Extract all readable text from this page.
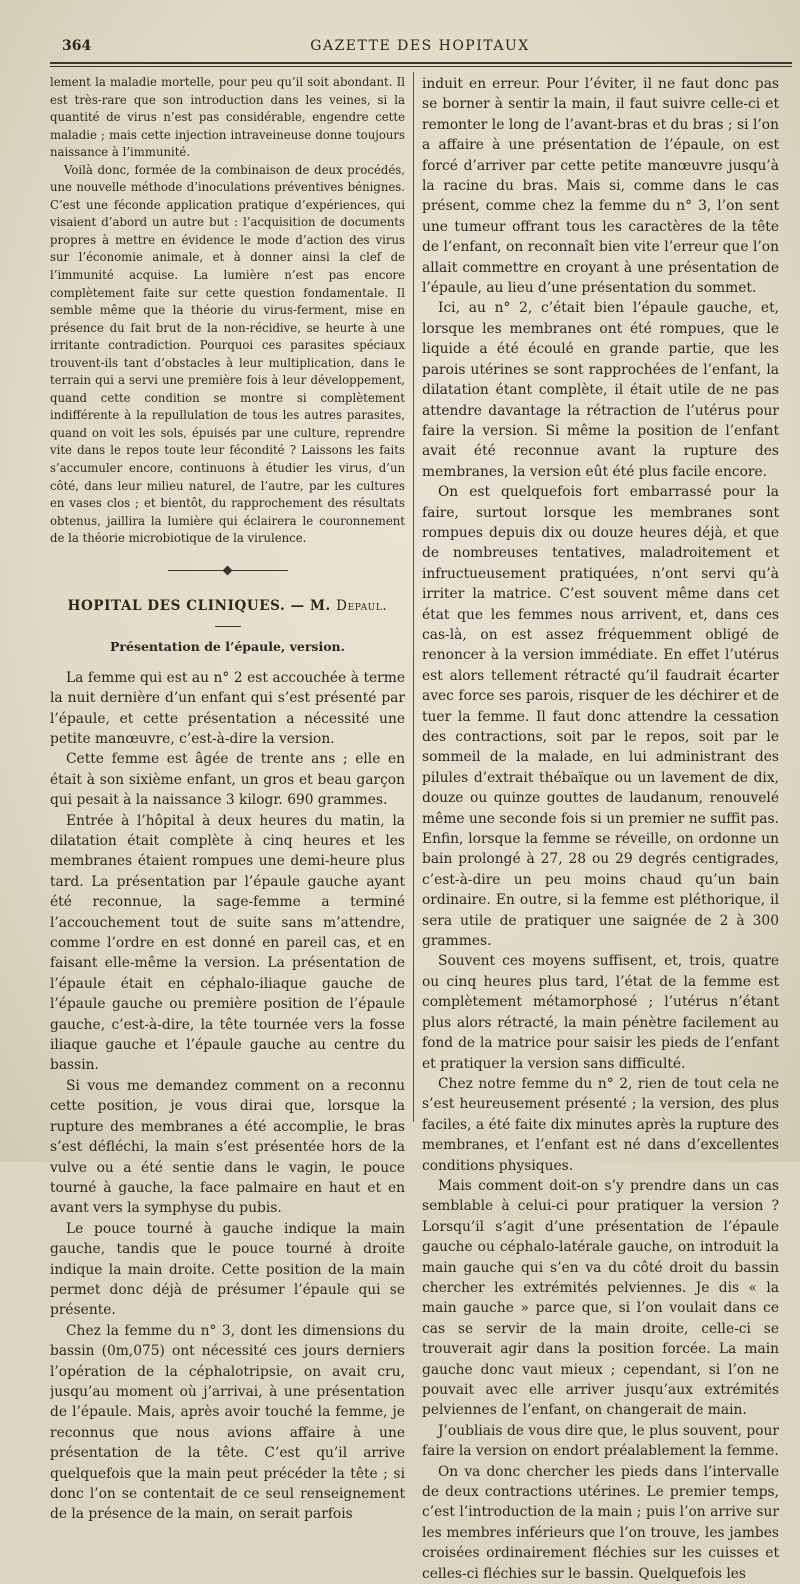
364	GAZETTE DES HOPITAUX

lement la maladie mortelle, pour peu qu’il soit abondant. Il est très-rare que son introduction dans les veines, si la quantité de virus n’est pas considérable, engendre cette maladie ; mais cette injection intraveineuse donne toujours naissance à l’immunité.

Voilà donc, formée de la combinaison de deux procédés, une nouvelle méthode d’inoculations préventives bénignes. C’est une féconde application pratique d’expériences, qui visaient d’abord un autre but : l’acquisition de documents propres à mettre en évidence le mode d’action des virus sur l’économie animale, et à donner ainsi la clef de l’immunité acquise. La lumière n’est pas encore complètement faite sur cette question fondamentale. Il semble même que la théorie du virus-ferment, mise en présence du fait brut de la non-récidive, se heurte à une irritante contradiction. Pourquoi ces parasites spéciaux trouvent-ils tant d’obstacles à leur multiplication, dans le terrain qui a servi une première fois à leur développement, quand cette condition se montre si complètement indifférente à la repullulation de tous les autres parasites, quand on voit les sols, épuisés par une culture, reprendre vite dans le repos toute leur fécondité ? Laissons les faits s’accumuler encore, continuons à étudier les virus, d’un côté, dans leur milieu naturel, de l’autre, par les cultures en vases clos ; et bientôt, du rapprochement des résultats obtenus, jaillira la lumière qui éclairera le couronnement de la théorie microbiotique de la virulence.

HOPITAL DES CLINIQUES. — M. Depaul.
Présentation de l’épaule, version.

La femme qui est au n° 2 est accouchée à terme la nuit dernière d’un enfant qui s’est présenté par l’épaule, et cette présentation a nécessité une petite manœuvre, c’est-à-dire la version.

Cette femme est âgée de trente ans ; elle en était à son sixième enfant, un gros et beau garçon qui pesait à la naissance 3 kilogr. 690 grammes.

Entrée à l’hôpital à deux heures du matin, la dilatation était complète à cinq heures et les membranes étaient rompues une demi-heure plus tard. La présentation par l’épaule gauche ayant été reconnue, la sage-femme a terminé l’accouchement tout de suite sans m’attendre, comme l’ordre en est donné en pareil cas, et en faisant elle-même la version. La présentation de l’épaule était en céphalo-iliaque gauche de l’épaule gauche ou première position de l’épaule gauche, c’est-à-dire, la tête tournée vers la fosse iliaque gauche et l’épaule gauche au centre du bassin.

Si vous me demandez comment on a reconnu cette position, je vous dirai que, lorsque la rupture des membranes a été accomplie, le bras s’est défléchi, la main s’est présentée hors de la vulve ou a été sentie dans le vagin, le pouce tourné à gauche, la face palmaire en haut et en avant vers la symphyse du pubis.

Le pouce tourné à gauche indique la main gauche, tandis que le pouce tourné à droite indique la main droite. Cette position de la main permet donc déjà de présumer l’épaule qui se présente.

Chez la femme du n° 3, dont les dimensions du bassin (0m,075) ont nécessité ces jours derniers l’opération de la céphalotripsie, on avait cru, jusqu’au moment où j’arrivai, à une présentation de l’épaule. Mais, après avoir touché la femme, je reconnus que nous avions affaire à une présentation de la tête. C’est qu’il arrive quelquefois que la main peut précéder la tête ; si donc l’on se contentait de ce seul renseignement de la présence de la main, on serait parfois

induit en erreur. Pour l’éviter, il ne faut donc pas se borner à sentir la main, il faut suivre celle-ci et remonter le long de l’avant-bras et du bras ; si l’on a affaire à une présentation de l’épaule, on est forcé d’arriver par cette petite manœuvre jusqu’à la racine du bras. Mais si, comme dans le cas présent, comme chez la femme du n° 3, l’on sent une tumeur offrant tous les caractères de la tête de l’enfant, on reconnaît bien vite l’erreur que l’on allait commettre en croyant à une présentation de l’épaule, au lieu d’une présentation du sommet.

Ici, au n° 2, c’était bien l’épaule gauche, et, lorsque les membranes ont été rompues, que le liquide a été écoulé en grande partie, que les parois utérines se sont rapprochées de l’enfant, la dilatation étant complète, il était utile de ne pas attendre davantage la rétraction de l’utérus pour faire la version. Si même la position de l’enfant avait été reconnue avant la rupture des membranes, la version eût été plus facile encore.

On est quelquefois fort embarrassé pour la faire, surtout lorsque les membranes sont rompues depuis dix ou douze heures déjà, et que de nombreuses tentatives, maladroitement et infructueusement pratiquées, n’ont servi qu’à irriter la matrice. C’est souvent même dans cet état que les femmes nous arrivent, et, dans ces cas-là, on est assez fréquemment obligé de renoncer à la version immédiate. En effet l’utérus est alors tellement rétracté qu’il faudrait écarter avec force ses parois, risquer de les déchirer et de tuer la femme. Il faut donc attendre la cessation des contractions, soit par le repos, soit par le sommeil de la malade, en lui administrant des pilules d’extrait thébaïque ou un lavement de dix, douze ou quinze gouttes de laudanum, renouvelé même une seconde fois si un premier ne suffit pas. Enfin, lorsque la femme se réveille, on ordonne un bain prolongé à 27, 28 ou 29 degrés centigrades, c’est-à-dire un peu moins chaud qu’un bain ordinaire. En outre, si la femme est pléthorique, il sera utile de pratiquer une saignée de 2 à 300 grammes.

Souvent ces moyens suffisent, et, trois, quatre ou cinq heures plus tard, l’état de la femme est complètement métamorphosé ; l’utérus n’étant plus alors rétracté, la main pénètre facilement au fond de la matrice pour saisir les pieds de l’enfant et pratiquer la version sans difficulté.

Chez notre femme du n° 2, rien de tout cela ne s’est heureusement présenté ; la version, des plus faciles, a été faite dix minutes après la rupture des membranes, et l’enfant est né dans d’excellentes conditions physiques.

Mais comment doit-on s’y prendre dans un cas semblable à celui-ci pour pratiquer la version ? Lorsqu’il s’agit d’une présentation de l’épaule gauche ou céphalo-latérale gauche, on introduit la main gauche qui s’en va du côté droit du bassin chercher les extrémités pelviennes. Je dis « la main gauche » parce que, si l’on voulait dans ce cas se servir de la main droite, celle-ci se trouverait agir dans la position forcée. La main gauche donc vaut mieux ; cependant, si l’on ne pouvait avec elle arriver jusqu’aux extrémités pelviennes de l’enfant, on changerait de main.

J’oubliais de vous dire que, le plus souvent, pour faire la version on endort préalablement la femme.

On va donc chercher les pieds dans l’intervalle de deux contractions utérines. Le premier temps, c’est l’introduction de la main ; puis l’on arrive sur les membres inférieurs que l’on trouve, les jambes croisées ordinairement fléchies sur les cuisses et celles-ci fléchies sur le bassin. Quelquefois les
